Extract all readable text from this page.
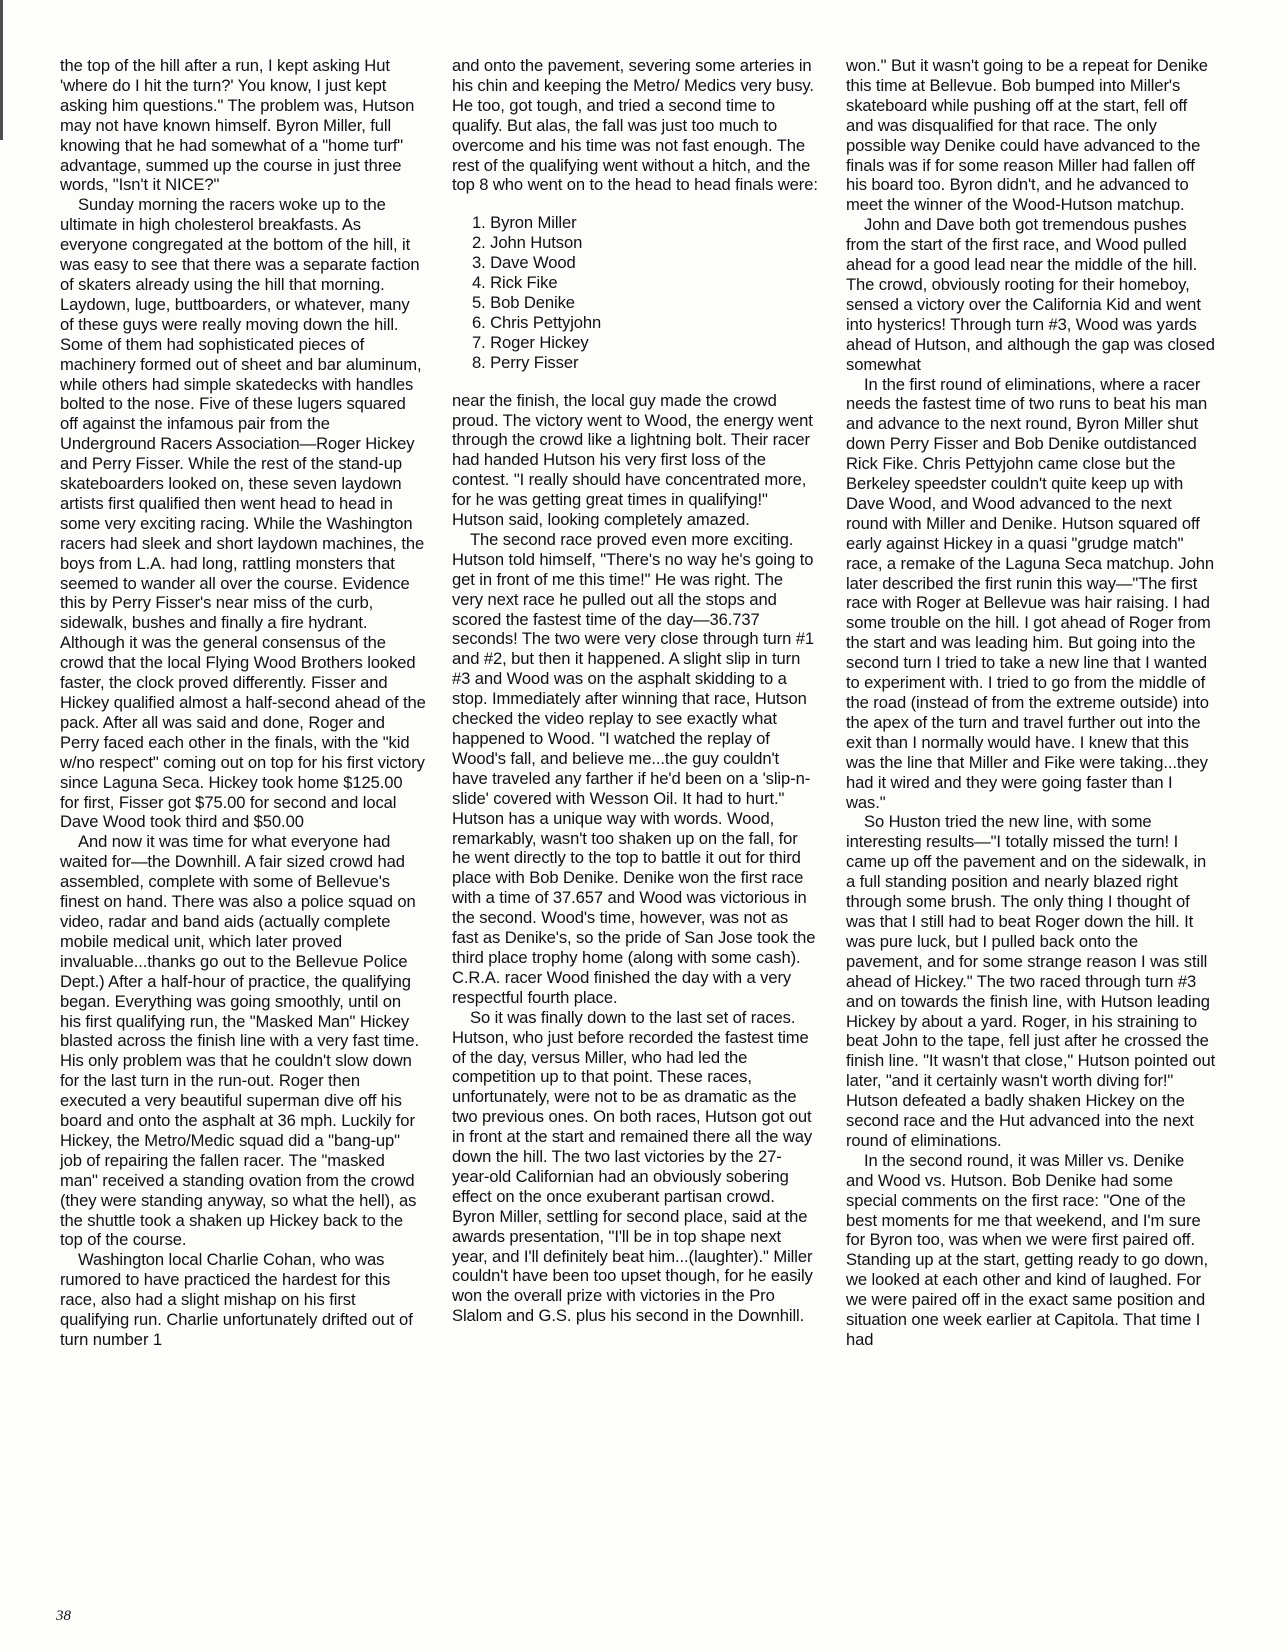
the top of the hill after a run, I kept asking Hut 'where do I hit the turn?' You know, I just kept asking him questions." The problem was, Hutson may not have known himself. Byron Miller, full knowing that he had somewhat of a "home turf" advantage, summed up the course in just three words, "Isn't it NICE?"

Sunday morning the racers woke up to the ultimate in high cholesterol breakfasts. As everyone congregated at the bottom of the hill, it was easy to see that there was a separate faction of skaters already using the hill that morning. Laydown, luge, buttboarders, or whatever, many of these guys were really moving down the hill. Some of them had sophisticated pieces of machinery formed out of sheet and bar aluminum, while others had simple skatedecks with handles bolted to the nose. Five of these lugers squared off against the infamous pair from the Underground Racers Association—Roger Hickey and Perry Fisser. While the rest of the stand-up skateboarders looked on, these seven laydown artists first qualified then went head to head in some very exciting racing. While the Washington racers had sleek and short laydown machines, the boys from L.A. had long, rattling monsters that seemed to wander all over the course. Evidence this by Perry Fisser's near miss of the curb, sidewalk, bushes and finally a fire hydrant. Although it was the general consensus of the crowd that the local Flying Wood Brothers looked faster, the clock proved differently. Fisser and Hickey qualified almost a half-second ahead of the pack. After all was said and done, Roger and Perry faced each other in the finals, with the "kid w/no respect" coming out on top for his first victory since Laguna Seca. Hickey took home $125.00 for first, Fisser got $75.00 for second and local Dave Wood took third and $50.00

And now it was time for what everyone had waited for—the Downhill. A fair sized crowd had assembled, complete with some of Bellevue's finest on hand. There was also a police squad on video, radar and band aids (actually complete mobile medical unit, which later proved invaluable...thanks go out to the Bellevue Police Dept.) After a half-hour of practice, the qualifying began. Everything was going smoothly, until on his first qualifying run, the "Masked Man" Hickey blasted across the finish line with a very fast time. His only problem was that he couldn't slow down for the last turn in the run-out. Roger then executed a very beautiful superman dive off his board and onto the asphalt at 36 mph. Luckily for Hickey, the Metro/Medic squad did a "bang-up" job of repairing the fallen racer. The "masked man" received a standing ovation from the crowd (they were standing anyway, so what the hell), as the shuttle took a shaken up Hickey back to the top of the course.

Washington local Charlie Cohan, who was rumored to have practiced the hardest for this race, also had a slight mishap on his first qualifying run. Charlie unfortunately drifted out of turn number 1

and onto the pavement, severing some arteries in his chin and keeping the Metro/ Medics very busy. He too, got tough, and tried a second time to qualify. But alas, the fall was just too much to overcome and his time was not fast enough. The rest of the qualifying went without a hitch, and the top 8 who went on to the head to head finals were:

1. Byron Miller
2. John Hutson
3. Dave Wood
4. Rick Fike
5. Bob Denike
6. Chris Pettyjohn
7. Roger Hickey
8. Perry Fisser

near the finish, the local guy made the crowd proud. The victory went to Wood, the energy went through the crowd like a lightning bolt. Their racer had handed Hutson his very first loss of the contest. "I really should have concentrated more, for he was getting great times in qualifying!" Hutson said, looking completely amazed.

The second race proved even more exciting. Hutson told himself, "There's no way he's going to get in front of me this time!" He was right. The very next race he pulled out all the stops and scored the fastest time of the day—36.737 seconds! The two were very close through turn #1 and #2, but then it happened. A slight slip in turn #3 and Wood was on the asphalt skidding to a stop. Immediately after winning that race, Hutson checked the video replay to see exactly what happened to Wood. "I watched the replay of Wood's fall, and believe me...the guy couldn't have traveled any farther if he'd been on a 'slip-n-slide' covered with Wesson Oil. It had to hurt." Hutson has a unique way with words. Wood, remarkably, wasn't too shaken up on the fall, for he went directly to the top to battle it out for third place with Bob Denike. Denike won the first race with a time of 37.657 and Wood was victorious in the second. Wood's time, however, was not as fast as Denike's, so the pride of San Jose took the third place trophy home (along with some cash). C.R.A. racer Wood finished the day with a very respectful fourth place.

So it was finally down to the last set of races. Hutson, who just before recorded the fastest time of the day, versus Miller, who had led the competition up to that point. These races, unfortunately, were not to be as dramatic as the two previous ones. On both races, Hutson got out in front at the start and remained there all the way down the hill. The two last victories by the 27-year-old Californian had an obviously sobering effect on the once exuberant partisan crowd. Byron Miller, settling for second place, said at the awards presentation, "I'll be in top shape next year, and I'll definitely beat him...(laughter)." Miller couldn't have been too upset though, for he easily won the overall prize with victories in the Pro Slalom and G.S. plus his second in the Downhill.

won." But it wasn't going to be a repeat for Denike this time at Bellevue. Bob bumped into Miller's skateboard while pushing off at the start, fell off and was disqualified for that race. The only possible way Denike could have advanced to the finals was if for some reason Miller had fallen off his board too. Byron didn't, and he advanced to meet the winner of the Wood-Hutson matchup.

John and Dave both got tremendous pushes from the start of the first race, and Wood pulled ahead for a good lead near the middle of the hill. The crowd, obviously rooting for their homeboy, sensed a victory over the California Kid and went into hysterics! Through turn #3, Wood was yards ahead of Hutson, and although the gap was closed somewhat

In the first round of eliminations, where a racer needs the fastest time of two runs to beat his man and advance to the next round, Byron Miller shut down Perry Fisser and Bob Denike outdistanced Rick Fike. Chris Pettyjohn came close but the Berkeley speedster couldn't quite keep up with Dave Wood, and Wood advanced to the next round with Miller and Denike. Hutson squared off early against Hickey in a quasi "grudge match" race, a remake of the Laguna Seca matchup. John later described the first runin this way—"The first race with Roger at Bellevue was hair raising. I had some trouble on the hill. I got ahead of Roger from the start and was leading him. But going into the second turn I tried to take a new line that I wanted to experiment with. I tried to go from the middle of the road (instead of from the extreme outside) into the apex of the turn and travel further out into the exit than I normally would have. I knew that this was the line that Miller and Fike were taking...they had it wired and they were going faster than I was."

So Huston tried the new line, with some interesting results—"I totally missed the turn! I came up off the pavement and on the sidewalk, in a full standing position and nearly blazed right through some brush. The only thing I thought of was that I still had to beat Roger down the hill. It was pure luck, but I pulled back onto the pavement, and for some strange reason I was still ahead of Hickey." The two raced through turn #3 and on towards the finish line, with Hutson leading Hickey by about a yard. Roger, in his straining to beat John to the tape, fell just after he crossed the finish line. "It wasn't that close," Hutson pointed out later, "and it certainly wasn't worth diving for!" Hutson defeated a badly shaken Hickey on the second race and the Hut advanced into the next round of eliminations.

In the second round, it was Miller vs. Denike and Wood vs. Hutson. Bob Denike had some special comments on the first race: "One of the best moments for me that weekend, and I'm sure for Byron too, was when we were first paired off. Standing up at the start, getting ready to go down, we looked at each other and kind of laughed. For we were paired off in the exact same position and situation one week earlier at Capitola. That time I had

38
